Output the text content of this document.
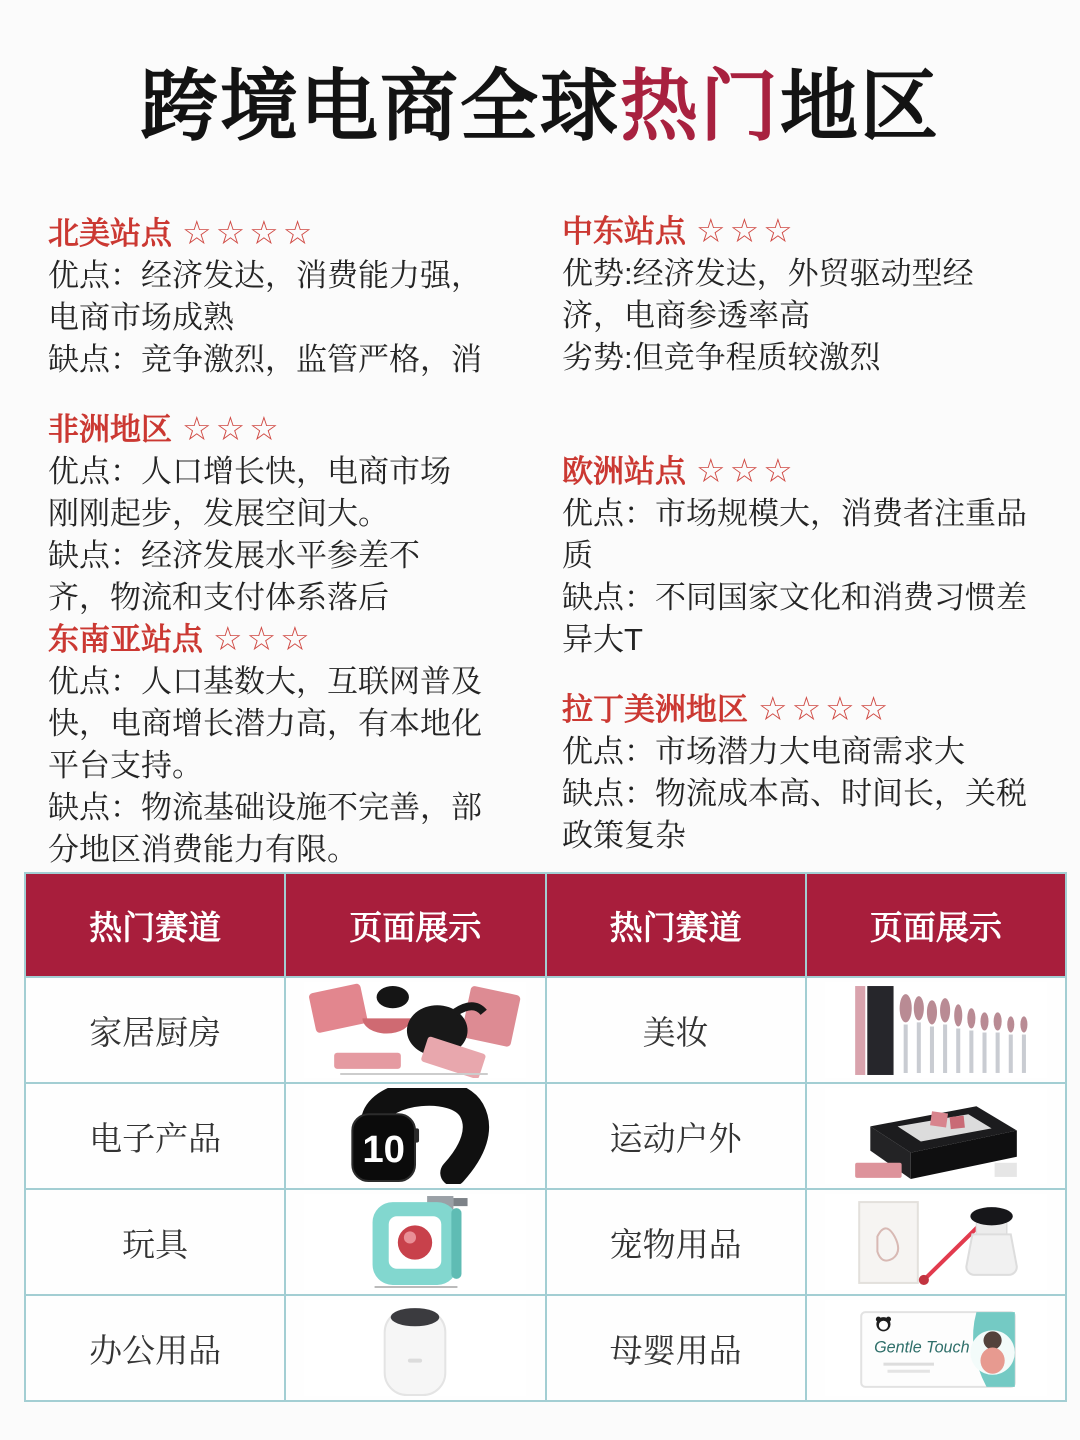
跨境电商全球热门地区
北美站点 ☆☆☆☆
优点：经济发达，消费能力强，
电商市场成熟
缺点：竞争激烈，监管严格，消
非洲地区 ☆☆☆
优点：人口增长快，电商市场
刚刚起步，发展空间大。
缺点：经济发展水平参差不
齐，物流和支付体系落后
东南亚站点 ☆☆☆
优点：人口基数大，互联网普及
快，电商增长潜力高，有本地化
平台支持。
缺点：物流基础设施不完善，部
分地区消费能力有限。
中东站点 ☆☆☆
优势:经济发达，外贸驱动型经
济，电商参透率高
劣势:但竞争程质较激烈
欧洲站点 ☆☆☆
优点：市场规模大，消费者注重品
质
缺点：不同国家文化和消费习惯差
异大T
拉丁美洲地区 ☆☆☆☆
优点：市场潜力大电商需求大
缺点：物流成本高、时间长，关税
政策复杂
热门赛道	页面展示	热门赛道	页面展示
家居厨房		美妆	

电子产品	10	运动户外	

玩具		宠物用品	

办公用品		母婴用品	Gentle Touch
